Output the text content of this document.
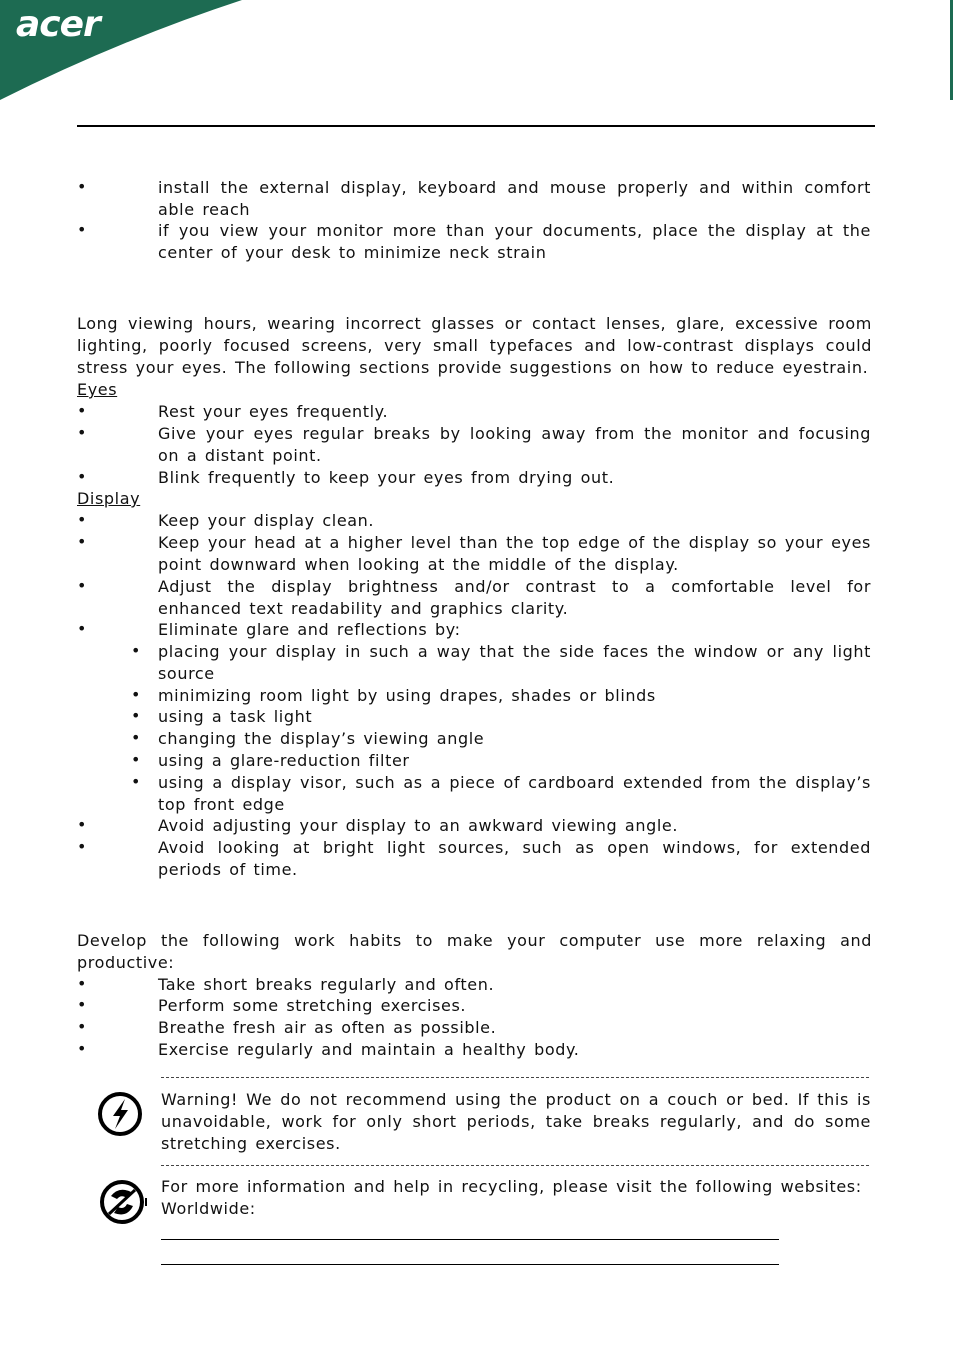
acer
•	install the external display, keyboard and mouse properly and within comfort able reach

•	if you view your monitor more than your documents, place the display at the center of your desk to minimize neck strain

Long viewing hours, wearing incorrect glasses or contact lenses, glare, excessive room lighting, poorly focused screens, very small typefaces and low-contrast displays could stress your eyes. The following sections provide suggestions on how to reduce eyestrain.

Eyes
•	Rest your eyes frequently.

•	Give your eyes regular breaks by looking away from the monitor and focusing on a distant point.

•	Blink frequently to keep your eyes from drying out.

Display
•	Keep your display clean.

•	Keep your head at a higher level than the top edge of the display so your eyes point downward when looking at the middle of the display.

•	Adjust the display brightness and/or contrast to a comfortable level for enhanced text readability and graphics clarity.

•	Eliminate glare and reflections by:

• placing your display in such a way that the side faces the window or any light source

• minimizing room light by using drapes, shades or blinds

• using a task light

• changing the display’s viewing angle

• using a glare-reduction filter

• using a display visor, such as a piece of cardboard extended from the display’s top front edge

•	Avoid adjusting your display to an awkward viewing angle.

•	Avoid looking at bright light sources, such as open windows, for extended periods of time.

Develop the following work habits to make your computer use more relaxing and productive:

•	Take short breaks regularly and often.

•	Perform some stretching exercises.

•	Breathe fresh air as often as possible.

•	Exercise regularly and maintain a healthy body.

Warning! We do not recommend using the product on a couch or bed. If this is unavoidable, work for only short periods, take breaks regularly, and do some stretching exercises.

For more information and help in recycling, please visit the following websites:

Worldwide:
